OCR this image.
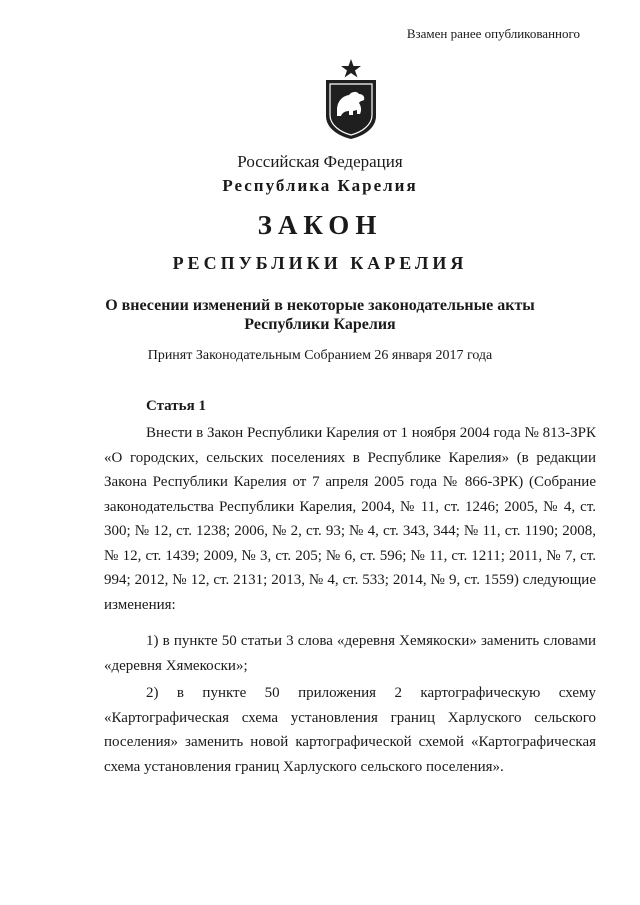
Взамен ранее опубликованного
Российская Федерация
Республика Карелия
ЗАКОН
РЕСПУБЛИКИ КАРЕЛИЯ
О внесении изменений в некоторые законодательные акты
Республики Карелия
Принят Законодательным Собранием 26 января 2017 года
Статья 1

Внести в Закон Республики Карелия от 1 ноября 2004 года № 813-ЗРК «О городских, сельских поселениях в Республике Карелия» (в редакции Закона Республики Карелия от 7 апреля 2005 года № 866-ЗРК) (Собрание законодательства Республики Карелия, 2004, № 11, ст. 1246; 2005, № 4, ст. 300; № 12, ст. 1238; 2006, № 2, ст. 93; № 4, ст. 343, 344; № 11, ст. 1190; 2008, № 12, ст. 1439; 2009, № 3, ст. 205; № 6, ст. 596; № 11, ст. 1211; 2011, № 7, ст. 994; 2012, № 12, ст. 2131; 2013, № 4, ст. 533; 2014, № 9, ст. 1559) следующие изменения:

1) в пункте 50 статьи 3 слова «деревня Хемякоски» заменить словами «деревня Хямекоски»;

2) в пункте 50 приложения 2 картографическую схему «Картографическая схема установления границ Харлуского сельского поселения» заменить новой картографической схемой «Картографическая схема установления границ Харлуского сельского поселения».
